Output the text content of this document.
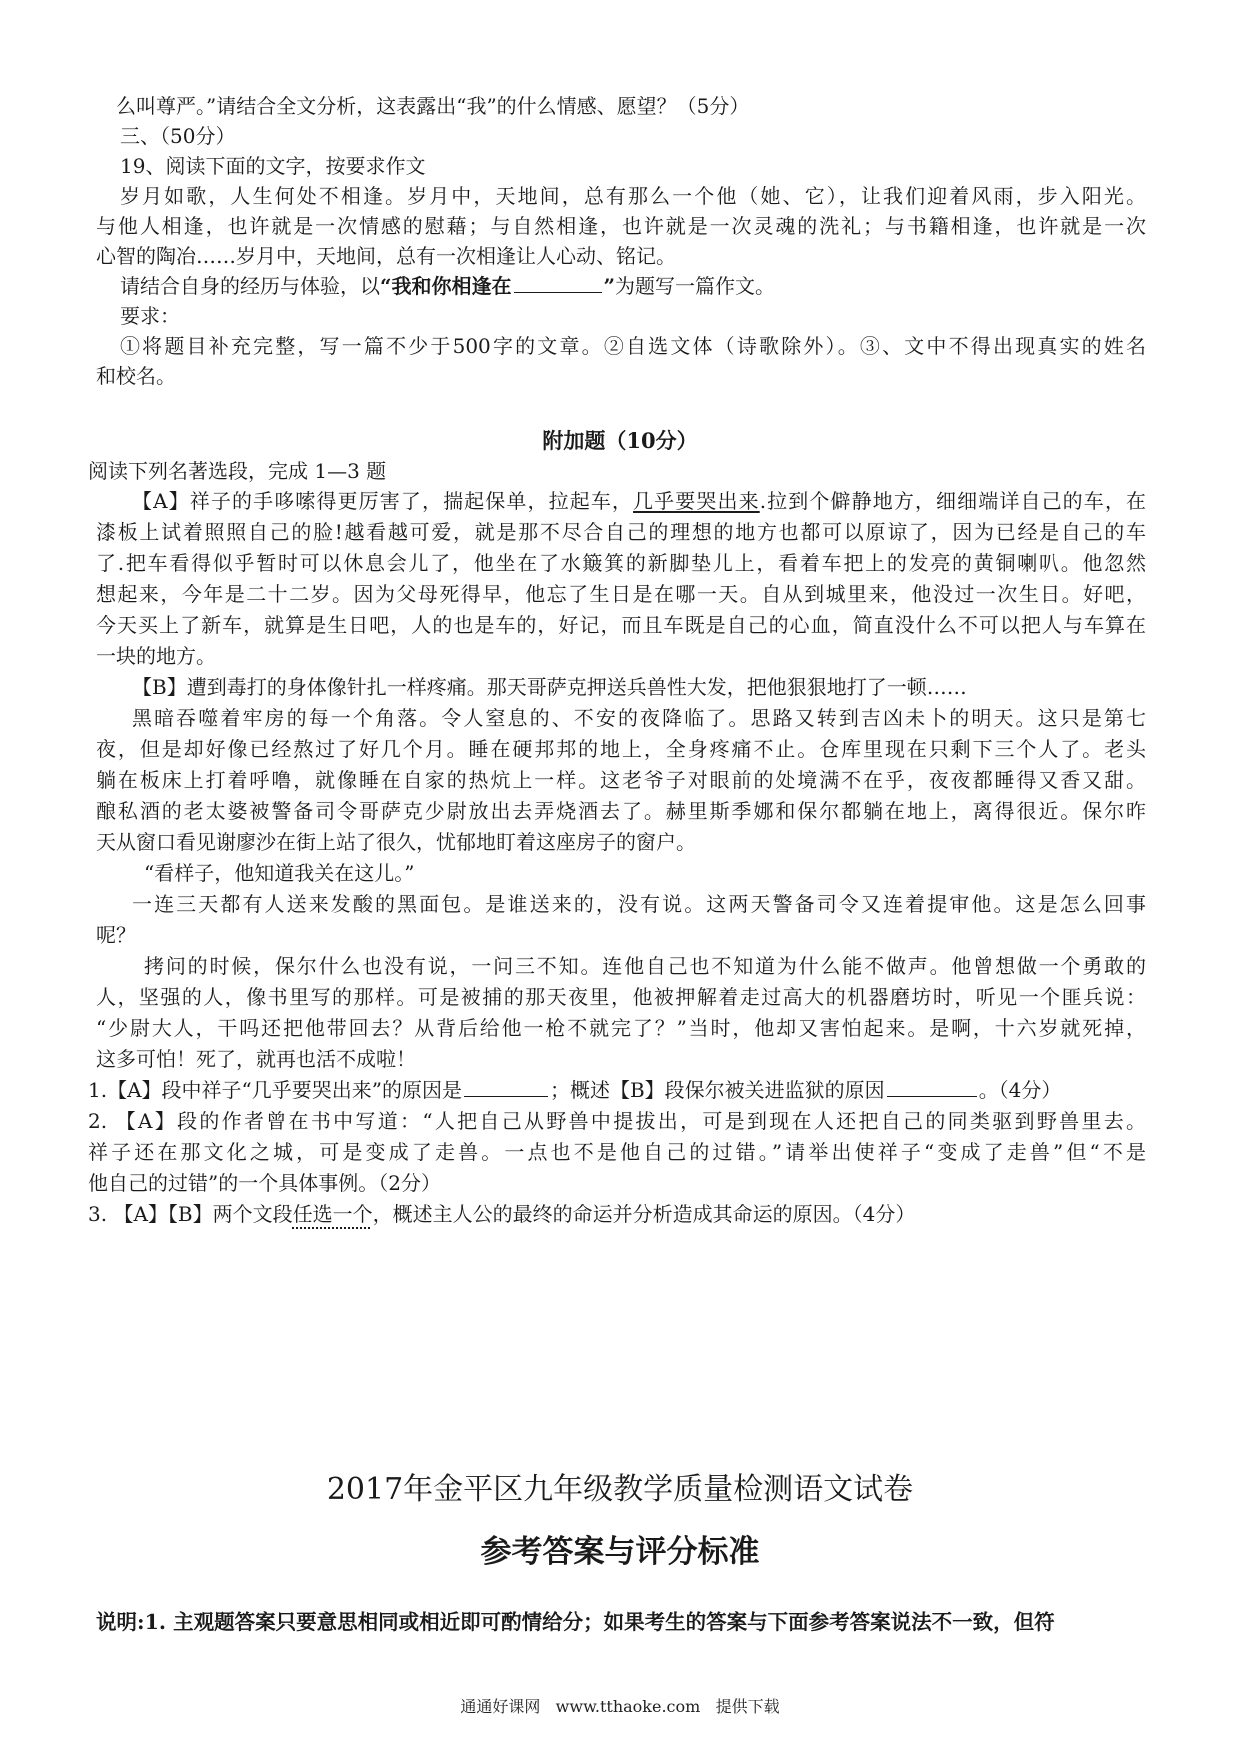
么叫尊严。”请结合全文分析，这表露出“我”的什么情感、愿望？（5分）
三、（50分）
19、阅读下面的文字，按要求作文
岁月如歌，人生何处不相逢。岁月中，天地间，总有那么一个他（她、它），让我们迎着风雨，步入阳光。
与他人相逢，也许就是一次情感的慰藉；与自然相逢，也许就是一次灵魂的洗礼；与书籍相逢，也许就是一次
心智的陶冶……岁月中，天地间，总有一次相逢让人心动、铭记。
请结合自身的经历与体验，以“我和你相逢在	”为题写一篇作文。
要求：
①将题目补充完整，写一篇不少于500字的文章。②自选文体（诗歌除外）。③、文中不得出现真实的姓名
和校名。
附加题（10分）
阅读下列名著选段，完成 1—3 题
【A】祥子的手哆嗦得更厉害了，揣起保单，拉起车，几乎要哭出来.拉到个僻静地方，细细端详自己的车，在
漆板上试着照照自己的脸!越看越可爱，就是那不尽合自己的理想的地方也都可以原谅了，因为已经是自己的车
了.把车看得似乎暂时可以休息会儿了，他坐在了水簸箕的新脚垫儿上，看着车把上的发亮的黄铜喇叭。他忽然
想起来，今年是二十二岁。因为父母死得早，他忘了生日是在哪一天。自从到城里来，他没过一次生日。好吧，
今天买上了新车，就算是生日吧，人的也是车的，好记，而且车既是自己的心血，简直没什么不可以把人与车算在
一块的地方。
【B】遭到毒打的身体像针扎一样疼痛。那天哥萨克押送兵兽性大发，把他狠狠地打了一顿……
黑暗吞噬着牢房的每一个角落。令人窒息的、不安的夜降临了。思路又转到吉凶未卜的明天。这只是第七
夜，但是却好像已经熬过了好几个月。睡在硬邦邦的地上，全身疼痛不止。仓库里现在只剩下三个人了。老头
躺在板床上打着呼噜，就像睡在自家的热炕上一样。这老爷子对眼前的处境满不在乎，夜夜都睡得又香又甜。
酿私酒的老太婆被警备司令哥萨克少尉放出去弄烧酒去了。赫里斯季娜和保尔都躺在地上，离得很近。保尔昨
天从窗口看见谢廖沙在街上站了很久，忧郁地盯着这座房子的窗户。
“看样子，他知道我关在这儿。”
一连三天都有人送来发酸的黑面包。是谁送来的，没有说。这两天警备司令又连着提审他。这是怎么回事
呢？
拷问的时候，保尔什么也没有说，一问三不知。连他自己也不知道为什么能不做声。他曾想做一个勇敢的
人，坚强的人，像书里写的那样。可是被捕的那天夜里，他被押解着走过高大的机器磨坊时，听见一个匪兵说：
“少尉大人，干吗还把他带回去？从背后给他一枪不就完了？”当时，他却又害怕起来。是啊，十六岁就死掉，
这多可怕！死了，就再也活不成啦！
1.【A】段中祥子“几乎要哭出来”的原因是	；概述【B】段保尔被关进监狱的原因	。（4分）
2. 【A】段的作者曾在书中写道：“人把自己从野兽中提拔出，可是到现在人还把自己的同类驱到野兽里去。
祥子还在那文化之城，可是变成了走兽。一点也不是他自己的过错。”请举出使祥子“变成了走兽”但“不是
他自己的过错”的一个具体事例。（2分）
3. 【A】【B】两个文段任选一个，概述主人公的最终的命运并分析造成其命运的原因。（4分）
2017年金平区九年级教学质量检测语文试卷
参考答案与评分标准
说明:1. 主观题答案只要意思相同或相近即可酌情给分；如果考生的答案与下面参考答案说法不一致，但符
通通好课网   www.tthaoke.com   提供下载
